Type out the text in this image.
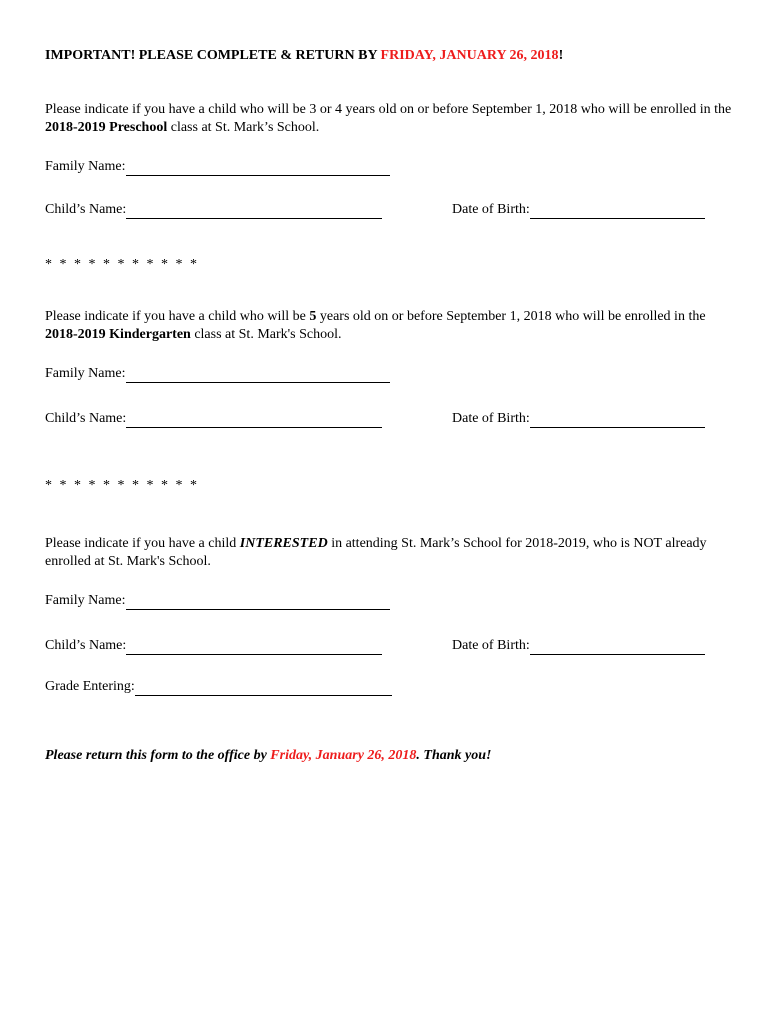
IMPORTANT! PLEASE COMPLETE & RETURN BY FRIDAY, JANUARY 26, 2018!
Please indicate if you have a child who will be 3 or 4 years old on or before September 1, 2018 who will be enrolled in the 2018-2019 Preschool class at St. Mark’s School.
Family Name:
Child’s Name:	Date of Birth:
* * * * * * * * * * *
Please indicate if you have a child who will be 5 years old on or before September 1, 2018 who will be enrolled in the 2018-2019 Kindergarten class at St. Mark's School.
Family Name:
Child’s Name:	Date of Birth:
* * * * * * * * * * *
Please indicate if you have a child INTERESTED in attending St. Mark’s School for 2018-2019, who is NOT already enrolled at St. Mark's School.
Family Name:
Child’s Name:	Date of Birth:
Grade Entering:
Please return this form to the office by Friday, January 26, 2018. Thank you!
